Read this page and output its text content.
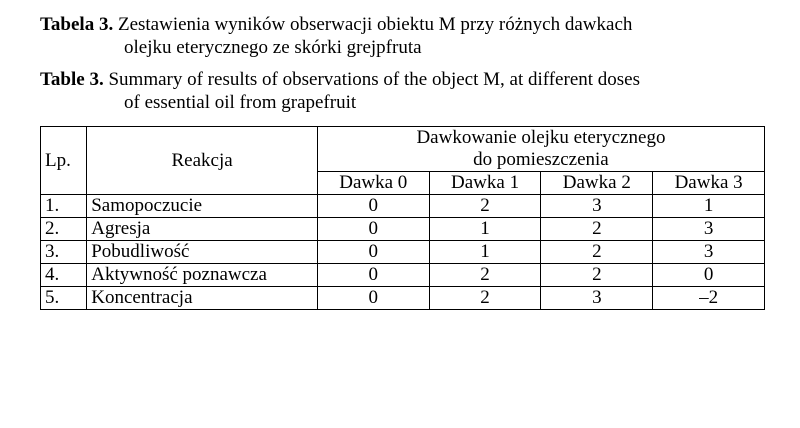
Tabela 3. Zestawienia wyników obserwacji obiektu M przy różnych dawkach
olejku eterycznego ze skórki grejpfruta
Table 3. Summary of results of observations of the object M, at different doses
of essential oil from grapefruit
Lp.	Reakcja	Dawkowanie olejku eterycznego
do pomieszczenia			
		Dawka 0	Dawka 1	Dawka 2	Dawka 3
1.	Samopoczucie	0	2	3	1
2.	Agresja	0	1	2	3
3.	Pobudliwość	0	1	2	3
4.	Aktywność poznawcza	0	2	2	0
5.	Koncentracja	0	2	3	–2
